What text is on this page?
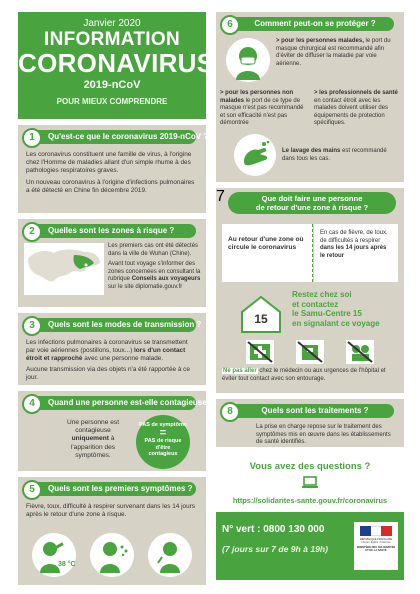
Janvier 2020
INFORMATION
CORONAVIRUS
2019-nCoV
POUR MIEUX COMPRENDRE
Qu'est-ce que le coronavirus 2019-nCoV ?
1
Les coronavirus constituent une famille de virus, à l'origine chez l'Homme de maladies allant d'un simple rhume à des pathologies respiratoires graves.
Un nouveau coronavirus à l'origine d'infections pulmonaires a été détecté en Chine fin décembre 2019.
Quelles sont les zones à risque ?
2
Les premiers cas ont été détectés dans la ville de Wuhan (Chine).
Avant tout voyage s'informer des zones concernées en consultant la rubrique Conseils aux voyageurs sur le site diplomatie.gouv.fr
Quels sont les modes de transmission ?
3
Les infections pulmonaires à coronavirus se transmettent par voie aériennes (postillons, toux...) lors d'un contact étroit et rapproché avec une personne malade.
Aucune transmission via des objets n'a été rapportée à ce jour.
Quand une personne est-elle contagieuse ?
4
Une personne est contagieuse uniquement à l'apparition des symptômes.
PAS de symptôme
=
PAS de risque d'être contagieux
Quels sont les premiers symptômes ?
5
Fièvre, toux, difficulté à respirer survenant dans les 14 jours après le retour d'une zone à risque.
38 °C
Comment peut-on se protéger ?
6
> pour les personnes malades, le port du masque chirurgical est recommandé afin d'éviter de diffuser la maladie par voie aérienne.
> pour les personnes non malades le port de ce type de masque n'est pas recommandé et son efficacité n'est pas démontrée
> les professionnels de santé en contact étroit avec les malades doivent utiliser des équipements de protection spécifiques.
Le lavage des mains est recommandé dans tous les cas.
Que doit faire une personne
de retour d'une zone à risque ?
7
Au retour d'une zone où circule le coronavirus
En cas de fièvre, de toux, de difficultés à respirer dans les 14 jours après le retour
15
Restez chez soi
et contactez
le Samu-Centre 15
en signalant ce voyage
Ne pas aller chez le médecin ou aux urgences de l'hôpital et éviter tout contact avec son entourage.
Quels sont les traitements ?
8
La prise en charge repose sur le traitement des symptômes mis en œuvre dans les établissements de santé identifiés.
Vous avez des questions ?
https://solidarites-sante.gouv.fr/coronavirus
N° vert : 0800 130 000
(7 jours sur 7 de 9h à 19h)
RÉPUBLIQUE FRANÇAISE
Liberté • Égalité • Fraternité
MINISTÈRE DES SOLIDARITÉS ET DE LA SANTÉ
